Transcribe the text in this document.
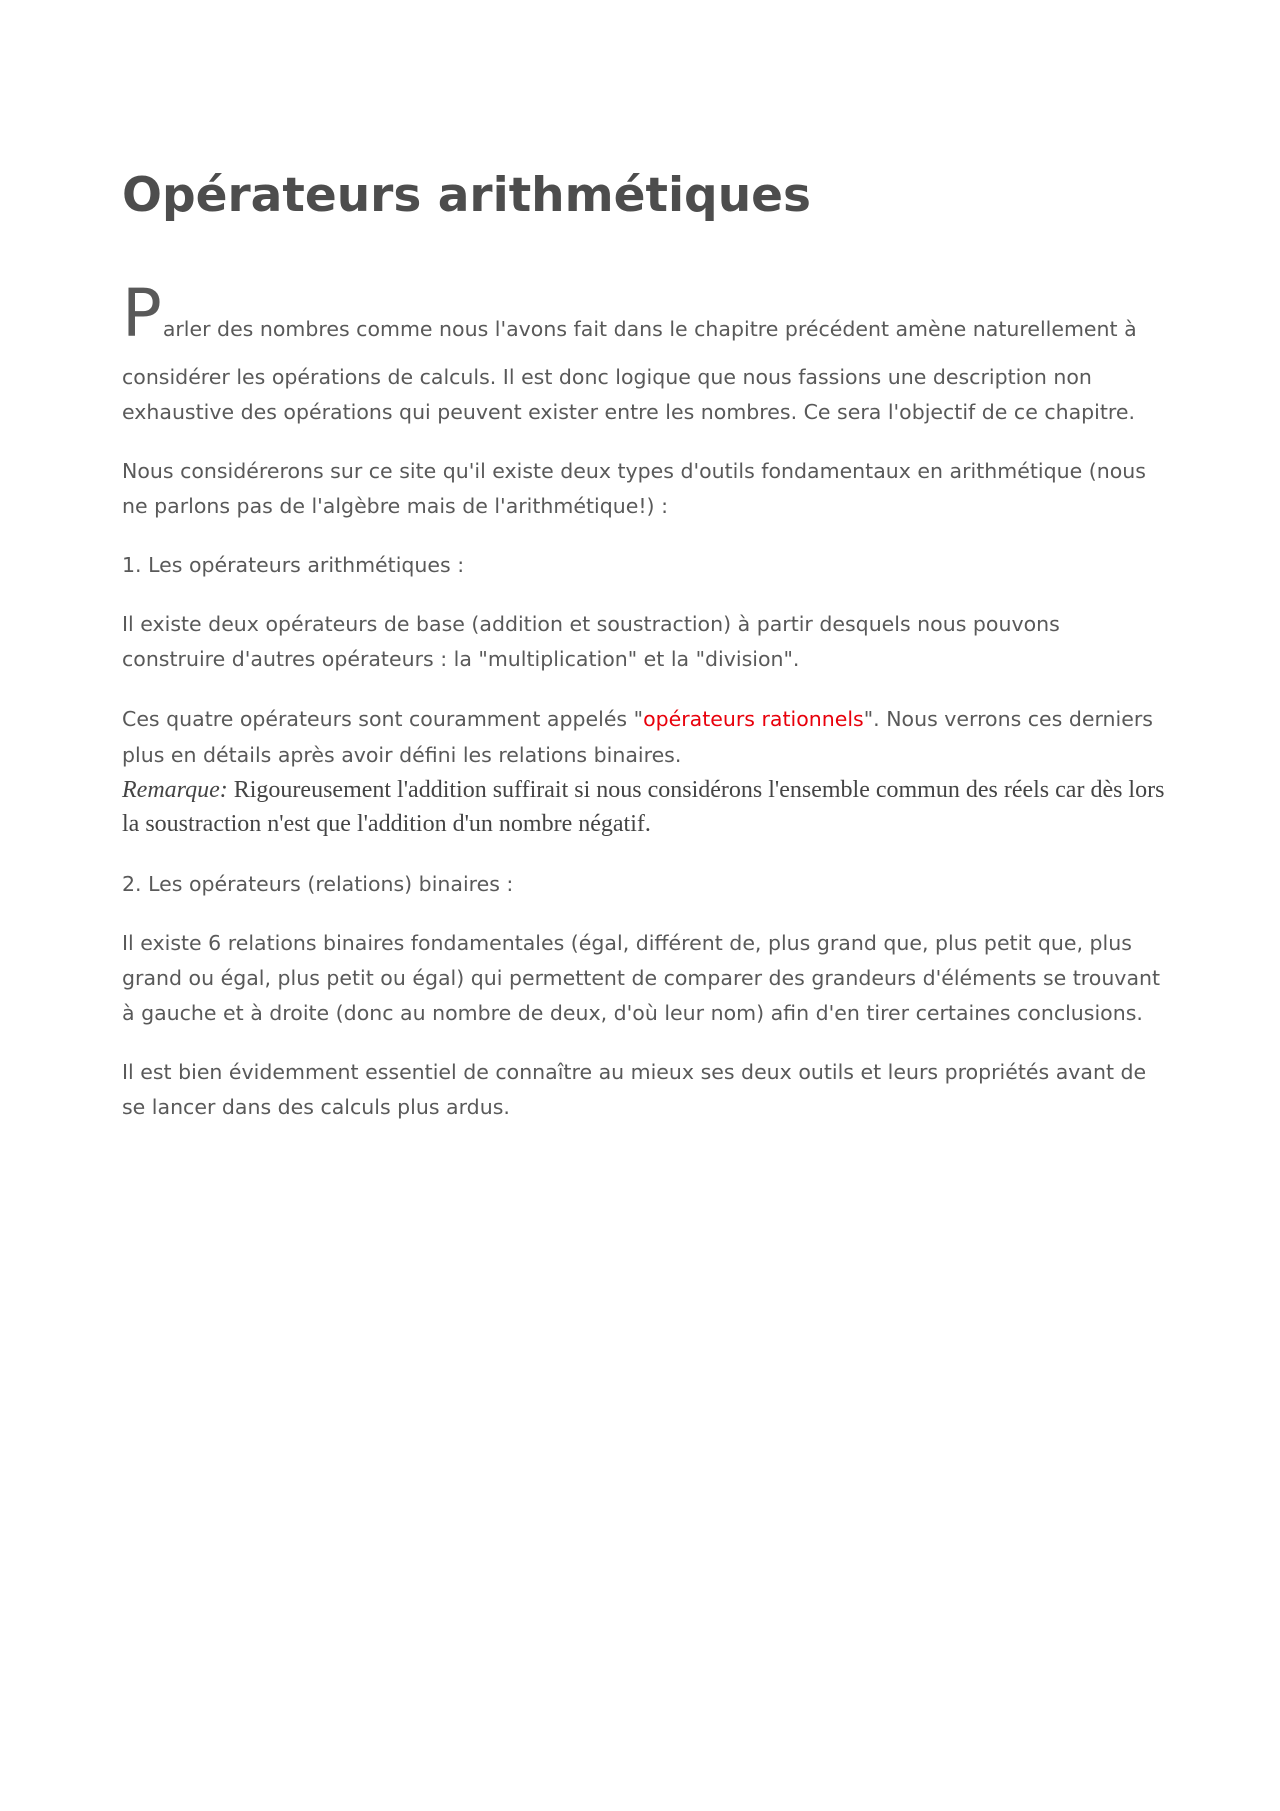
Opérateurs arithmétiques
Parler des nombres comme nous l'avons fait dans le chapitre précédent amène naturellement à

considérer les opérations de calculs. Il est donc logique que nous fassions une description non exhaustive des opérations qui peuvent exister entre les nombres. Ce sera l'objectif de ce chapitre.

Nous considérerons sur ce site qu'il existe deux types d'outils fondamentaux en arithmétique (nous ne parlons pas de l'algèbre mais de l'arithmétique!) :

1. Les opérateurs arithmétiques :

Il existe deux opérateurs de base (addition et soustraction) à partir desquels nous pouvons construire d'autres opérateurs : la "multiplication" et la "division".

Ces quatre opérateurs sont couramment appelés "opérateurs rationnels". Nous verrons ces derniers plus en détails après avoir défini les relations binaires.

Remarque: Rigoureusement l'addition suffirait si nous considérons l'ensemble commun des réels car dès lors la soustraction n'est que l'addition d'un nombre négatif.

2. Les opérateurs (relations) binaires :

Il existe 6 relations binaires fondamentales (égal, différent de, plus grand que, plus petit que, plus grand ou égal, plus petit ou égal) qui permettent de comparer des grandeurs d'éléments se trouvant à gauche et à droite (donc au nombre de deux, d'où leur nom) afin d'en tirer certaines conclusions.

Il est bien évidemment essentiel de connaître au mieux ses deux outils et leurs propriétés avant de se lancer dans des calculs plus ardus.
